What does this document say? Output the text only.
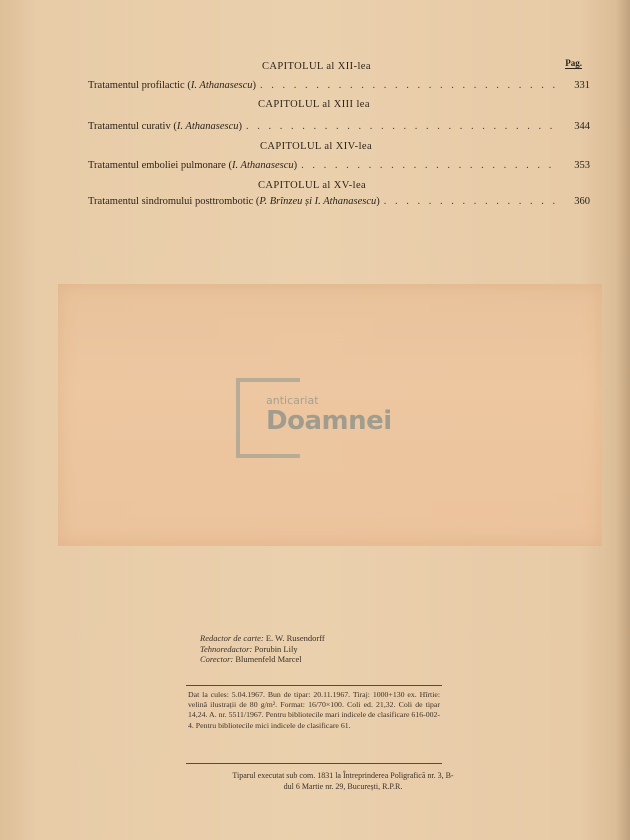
Pag.
CAPITOLUL al XII-lea
Tratamentul profilactic (I. Athanasescu) . . .	331
CAPITOLUL al XIII lea
Tratamentul curativ (I. Athanasescu) . . .	344
CAPITOLUL al XIV-lea
Tratamentul emboliei pulmonare (I. Athanasescu) . . .	353
CAPITOLUL al XV-lea
Tratamentul sindromului posttrombotic (P. Brînzeu și I. Athanasescu) . . .	360
anticariat
Doamnei
Redactor de carte: E. W. Rusendorff
Tehnoredactor: Porubin Lily
Corector: Blumenfeld Marcel
Dat la cules: 5.04.1967. Bun de tipar: 20.11.1967. Tiraj: 1000+130 ex. Hîrtie: velină ilustrații de 80 g/m². Format: 16/70×100. Coli ed. 21,32. Coli de tipar 14,24. A. nr. 5511/1967. Pentru bibliotecile mari indicele de clasificare 616-002-4. Pentru bibliotecile mici indicele de clasificare 61.
Tiparul executat sub com. 1831 la Întreprinderea Poligrafică nr. 3, B-dul 6 Martie nr. 29, București, R.P.R.
